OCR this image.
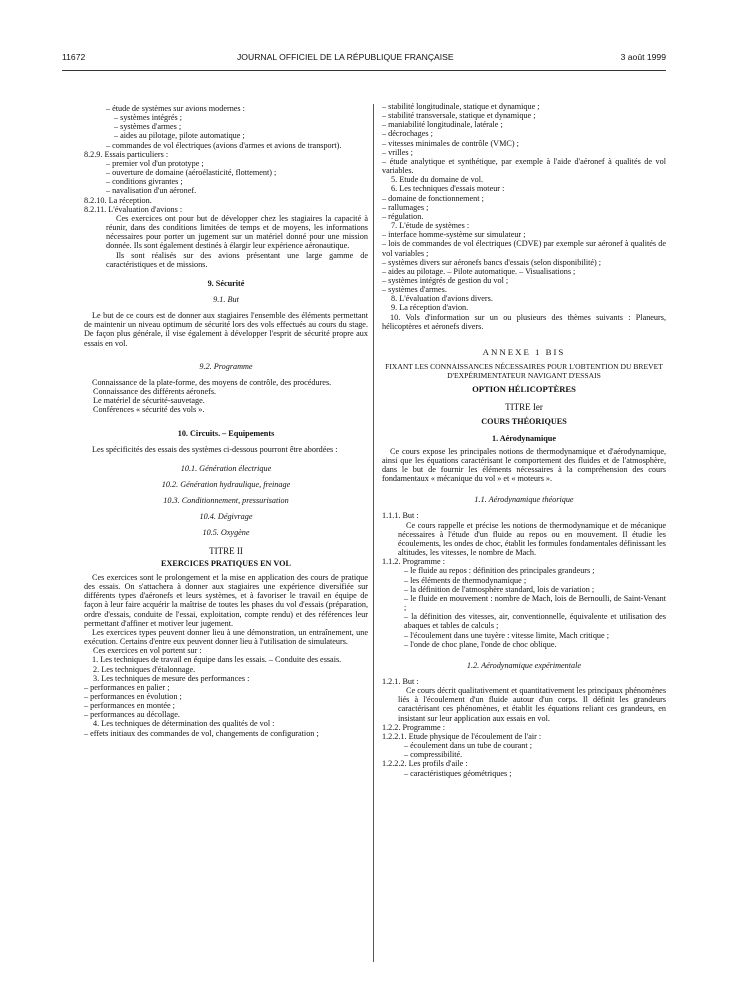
11672	JOURNAL OFFICIEL DE LA RÉPUBLIQUE FRANÇAISE	3 août 1999
– étude de systèmes sur avions modernes :
– systèmes intégrés ;
– systèmes d'armes ;
– aides au pilotage, pilote automatique ;
– commandes de vol électriques (avions d'armes et avions de transport).
8.2.9. Essais particuliers :
– premier vol d'un prototype ;
– ouverture de domaine (aéroélasticité, flottement) ;
– conditions givrantes ;
– navalisation d'un aéronef.
8.2.10. La réception.
8.2.11. L'évaluation d'avions :
Ces exercices ont pour but de développer chez les stagiaires la capacité à réunir, dans des conditions limitées de temps et de moyens, les informations nécessaires pour porter un jugement sur un matériel donné pour une mission donnée. Ils sont également destinés à élargir leur expérience aéronautique.
Ils sont réalisés sur des avions présentant une large gamme de caractéristiques et de missions.
9. Sécurité
9.1. But
Le but de ce cours est de donner aux stagiaires l'ensemble des éléments permettant de maintenir un niveau optimum de sécurité lors des vols effectués au cours du stage. De façon plus générale, il vise également à développer l'esprit de sécurité propre aux essais en vol.
9.2. Programme
Connaissance de la plate-forme, des moyens de contrôle, des procédures.
Connaissance des différents aéronefs.
Le matériel de sécurité-sauvetage.
Conférences « sécurité des vols ».
10. Circuits. – Equipements
Les spécificités des essais des systèmes ci-dessous pourront être abordées :
10.1. Génération électrique
10.2. Génération hydraulique, freinage
10.3. Conditionnement, pressurisation
10.4. Dégivrage
10.5. Oxygène
TITRE II
EXERCICES PRATIQUES EN VOL
Ces exercices sont le prolongement et la mise en application des cours de pratique des essais. On s'attachera à donner aux stagiaires une expérience diversifiée sur différents types d'aéronefs et leurs systèmes, et à favoriser le travail en équipe de façon à leur faire acquérir la maîtrise de toutes les phases du vol d'essais (préparation, ordre d'essais, conduite de l'essai, exploitation, compte rendu) et des références leur permettant d'affiner et motiver leur jugement.
Les exercices types peuvent donner lieu à une démonstration, un entraînement, une exécution. Certains d'entre eux peuvent donner lieu à l'utilisation de simulateurs.
Ces exercices en vol portent sur :
1. Les techniques de travail en équipe dans les essais. – Conduite des essais.
2. Les techniques d'étalonnage.
3. Les techniques de mesure des performances :
– performances en palier ;
– performances en évolution ;
– performances en montée ;
– performances au décollage.
4. Les techniques de détermination des qualités de vol :
– effets initiaux des commandes de vol, changements de configuration ;
– stabilité longitudinale, statique et dynamique ;
– stabilité transversale, statique et dynamique ;
– maniabilité longitudinale, latérale ;
– décrochages ;
– vitesses minimales de contrôle (VMC) ;
– vrilles ;
– étude analytique et synthétique, par exemple à l'aide d'aéronef à qualités de vol variables.
5. Etude du domaine de vol.
6. Les techniques d'essais moteur :
– domaine de fonctionnement ;
– rallumages ;
– régulation.
7. L'étude de systèmes :
– interface homme-système sur simulateur ;
– lois de commandes de vol électriques (CDVE) par exemple sur aéronef à qualités de vol variables ;
– systèmes divers sur aéronefs bancs d'essais (selon disponibilité) ;
– aides au pilotage. – Pilote automatique. – Visualisations ;
– systèmes intégrés de gestion du vol ;
– systèmes d'armes.
8. L'évaluation d'avions divers.
9. La réception d'avion.
10. Vols d'information sur un ou plusieurs des thèmes suivants : Planeurs, hélicoptères et aéronefs divers.
ANNEXE 1 BIS
FIXANT LES CONNAISSANCES NÉCESSAIRES POUR L'OBTENTION DU BREVET D'EXPÉRIMENTATEUR NAVIGANT D'ESSAIS
OPTION HÉLICOPTÈRES
TITRE Ier
COURS THÉORIQUES
1. Aérodynamique
Ce cours expose les principales notions de thermodynamique et d'aérodynamique, ainsi que les équations caractérisant le comportement des fluides et de l'atmosphère, dans le but de fournir les éléments nécessaires à la compréhension des cours fondamentaux « mécanique du vol » et « moteurs ».
1.1. Aérodynamique théorique
1.1.1. But :
Ce cours rappelle et précise les notions de thermodynamique et de mécanique nécessaires à l'étude d'un fluide au repos ou en mouvement. Il étudie les écoulements, les ondes de choc, établit les formules fondamentales définissant les altitudes, les vitesses, le nombre de Mach.
1.1.2. Programme :
– le fluide au repos : définition des principales grandeurs ;
– les éléments de thermodynamique ;
– la définition de l'atmosphère standard, lois de variation ;
– le fluide en mouvement : nombre de Mach, lois de Bernoulli, de Saint-Venant ;
– la définition des vitesses, air, conventionnelle, équivalente et utilisation des abaques et tables de calculs ;
– l'écoulement dans une tuyère : vitesse limite, Mach critique ;
– l'onde de choc plane, l'onde de choc oblique.
1.2. Aérodynamique expérimentale
1.2.1. But :
Ce cours décrit qualitativement et quantitativement les principaux phénomènes liés à l'écoulement d'un fluide autour d'un corps. Il définit les grandeurs caractérisant ces phénomènes, et établit les équations reliant ces grandeurs, en insistant sur leur application aux essais en vol.
1.2.2. Programme :
1.2.2.1. Etude physique de l'écoulement de l'air :
– écoulement dans un tube de courant ;
– compressibilité.
1.2.2.2. Les profils d'aile :
– caractéristiques géométriques ;
